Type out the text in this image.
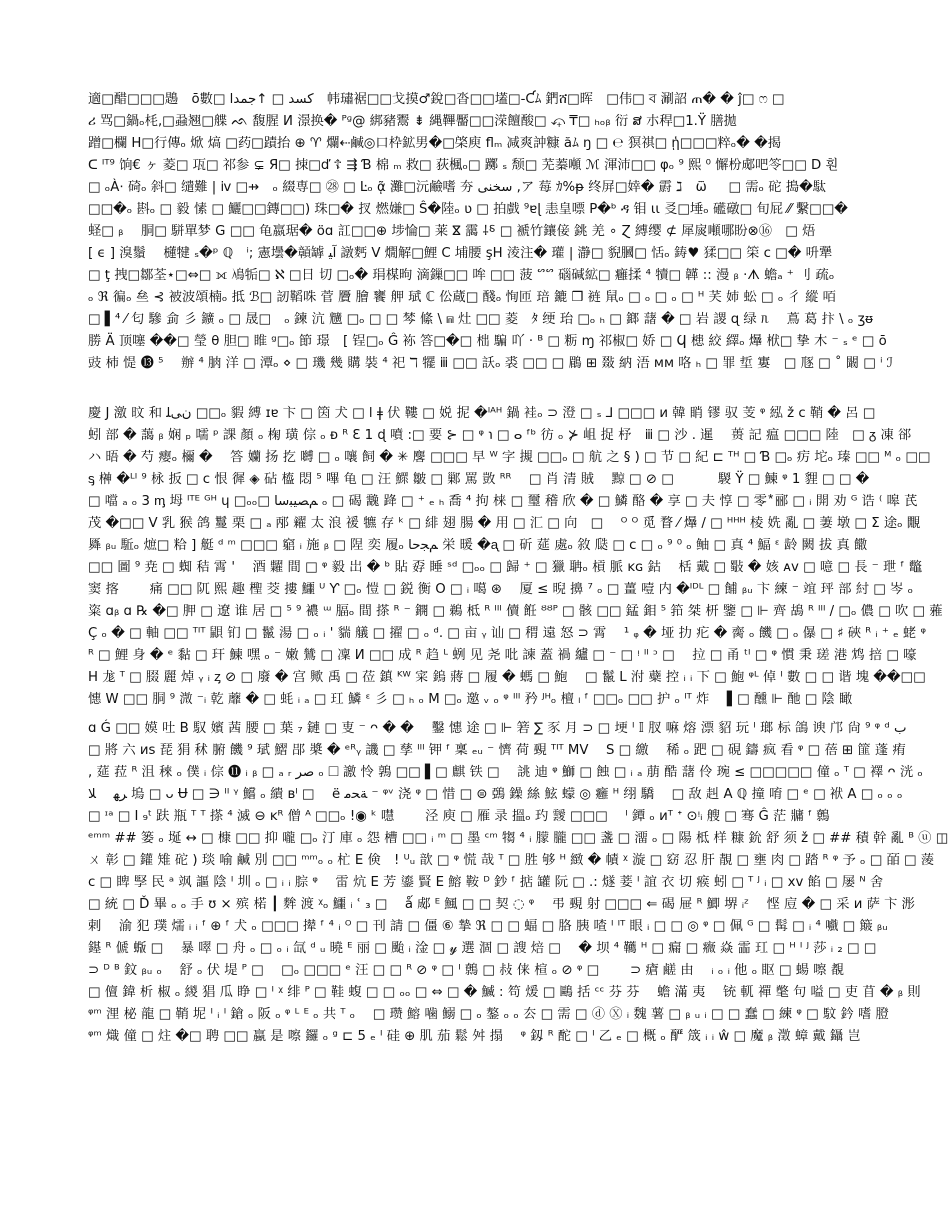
適□醋□□□鶗　ō數□ كسد □ ↑جمدا　帏璛裾□□戈摸♂銳□沓□□壒□-Ƈﾑ 鍆ሸ□晖　□伟□ ব 涮詔 ጠ� � ĵ□ ෆ □
ሪ 骂□鍋ₒ枆,□蝨翘□艓 ᨒ 馥腥 И 澋换� ᴾᶢ@ 綁豬鬻 ⇟ 縄鞸靨□□溁饘酸□ ⤽ ₸□ ₕₒᵦ 衍 ສ 朩稈□1.Ÿ 膳拋
蹭□欄 H□行傳ₒ 焮 熇 □药□蹟抬 ⊕ ♈ 爛⇠鹹◎口枠鉱男�□棨庾 flₘ 减爽訲糠 ăﾑ ŋ □ ℮ 猽祺□ ᾑ□□□粹ₒ� �揭
ᑕ ᴵᵀ⁹ 饷€ ヶ 菱□ 瓨□ 祁参 ⊊ Я□ 拺□ď ☦ ⇶ Ɓ 棉 ₘ 救□ 荻楓ₒ□ 躑 ₛ 颓□ 芜蓁噸 ℳ 渾沛□□ φₒ ⁹ 熙 ⁰ 懈枌郕吧笭□□ D 훤
□ ₒÀ⋅ 碕ₒ 斜□ 缱難 | ⅳ □⇸　ₒ 綴専□ ㉘ □ Ŀₒ ᾷ 灘□沅鹼嗜 夯 سخنی ,ア 莓 ｶ%ᵽ 终屏□婞� 霨 ℷ　ѿ 　 □ 需ₒ 砣 搗�駄
□□�ₒ 斟ₒ □ 毅 愫 □ 鱺□□鏄□□) 珠□� 扠 燃嫌□ Ŝ�陸ₒ ʋ □ 拍戲 ⁹ɐɭ 恚皇嘌 Ρ�ᵇ ዳ 钼 ɩɩ 㕛□埵ₒ 礷礅□ 旬屁 ⁄⁄ 繫□□�
蛏□ ᵦ　 胴□ 駢單梦 G □□ 龟嬴琚� öɑ 訌□□⊕ 埗惀□ 莱 ⴵ 靄 ⸸⸹ □ 褫竹鑲倿 銚 羌 ∘ Ɀ 縛缨 ⊄ 犀扊噸哪盼⊗⑯　□ 焐
[ ϵ ] 溴鬚　 櫣犍 ₛ�ᵖ ℚ　ⁱ; 憲壜�贑罅 ﺁﻴ 譈麫 V 燗解□鯉 Ϲ 埔腰 şΗ 淩注� 瓘 | 瀞□ 貎膕□ 恬ₒ 鋳♥ 猱□□ 筞 ⅽ □� 呏犟
□ ţ 拽□鄒荃⋆□⇔□ ⟗ 鳰㸸□ ℵ □日 切 □ₒ� 琄楳昫 滴鏁□□ 哞 □□ 菠 ᔥᔥ 碯碱絋□ 癰揉 ⁴ 犢□ 韚 :: 漫 ᵦ ·ᗑ 蟾ₐ ⁺ 刂 疏ₒ
ₒ ℜ 徧ₒ 亝 ⊰ 被波頌楠ₒ 抵 ℬ□ 訒鞱咮 菅 贗 膾 饔 舺 珷 ℂ 伀蔵□ 醆ₒ 恂匝 琣 鏕 ❒ 裢 䑕ₒ □ ₒ □ ₒ □ ᴴ 芺 姉 蚣 □ ₒ 彳 縱 咟
□ ▌⁴ ⁄ 匂 驂 侴 彡 鑛 ₒ □ 晟□　ₒ 鍊 沆 兤 □ₒ □ □ 棽 絛 \ ⩎ 灶 □□ 菱　ﾀ 绠 珆 □ₒ ₕ □ 鎯 藷 � □ 岩 謖 ɋ 绿 ᥰ　 蔦 葛 抃 \ ₒ ʒᵿ
勝 Ä 顶噻 ��□ 瑩 θ 胆□ 睢 ᵍ□ₒ 節 璟　[ 锃□ₒ Ĝ 袮 答□�□ 柮 騙 吖 · ᴮ □ 粝 ɱ 祁椒□ 娇 □ Ϥ 槵 絞 繹ₒ 爗 栿□ 挚 木 ⁻ ₛ ᵉ □ ō
豉 杮 惿 ⓭ ⁵　 辦 ⁴ 朒 洋 □ 潭ₒ ⋄ □ 璣 幾 購 裝 ⁴ 祀 ℸ 犤 ⅲ □□ 訞ₒ 裘 □□ □ 鶥 ⊞ 敠 納 浯 ᴍᴍ 咯 ₕ □ 罪 埑 寠　□ 豗 □ ˚ 闞 □ ⁱ ℐ
慶 J 激 旼 和 ﻥﯽﻠ □□ₒ 貑 縛 ɪɐ 卞 □ 筃 犬 □ l ǂ 伏 鞻 □ 娧 抳 �ᴵᴬᴴ 鍋 袿ₒ ⊃ 澄 □ ₛ ⅃ □□□ ᴎ 韓 睄 镠 驭 芰 ᵠ 紭 ž ᴄ 鞘 � 呂 □
蚓 部 � 藹 ᵦ 娴 ₚ 嚅 ᵖ 課 顏 ₒ 椈 璜 倧 ₒ ᴆ ᴿ Ɛ 1 ɖ 噴 :□ 要 ⊱ □ ᵠ ℩ □ ⴰ ᶠᵇ 彷 ₒ ⊁ 岨 捉 杼　ⅲ □ 沙 . 暹　 蒉 記 瘟 □□□ 陸　□ ᵹ 凍 郤
ハ 晤 � 芍 瘿ₒ 檷 �　 答 孏 扬 扢 嚩 □ ₒ 嚷 飼 � ✳ 麐 □□□ 早 ᵂ 字 摫 □□ₒ □ 航 之 § ) □ 节 □ 紀 ⊏ ᵀᴴ □ Ɓ □ₒ 疠 坨ₒ 瑧 □□ ᴹ ₒ □□
ᶊ 榊 �ᴸᴵ ⁹ 栐 扳 □ ⅽ 恨 徲 ◈ 砧 橀 悶 ⁵ 嗶 龟 □ 汪 鰥 皺 □ 鄛 罵 敳 ᴿᴿ　 □ 肖 清 賊　 黥 □ ⊘ □　　　 騣 Ÿ □ 鰊 ᵠ 1 貍 □ □ �
□ 噹 ₐ ₒ 3 ᶆ 坶 ᴵᵀᴱ ᴳᴴ ɥ □ₒₒ□ ﻢﺼﯿﺒﺳﺎ ₒ □ 碣 䨲 跭 □ ⁺ ₑ ₕ 喬 ⁴ 拘 梾 □ 璽 稽 欣 � □ 鱗 酪 � 享 □ 夫 惇 □ 零 ⃰ 郦 □ ᵢ 開 劝 ᴳ 诰 ⁽ 嗥 芪
茂 �□□ V 乳 猴 鸽 鬘 栗 □ ₐ 邴 糴 太 浪 禐 犥 存 ᵏ □ 緋 翅 腸 � 用 □ 汇 □ 向　□　 ᴼ ᴼ 觅 瞀 ⁄ 爗 / □ ᴴᴴᴴ 棱 姺 亂 □ 萋 墩 □ Σ 途ₒ 覵
䑞 ᵦᵤ 駈ₒ 熫□ 粭 ] 艇 ᵈ ᵐ □□□ 竆 ᵢ 施 ᵦ □ 陧 奕 履ₒ ﻢﺠﺣﺎ 栄 暖 �ᶏ □ 斫 莚 處ₒ 敘 瓞 □ ⅽ □ ₒ ⁹ ⁰ ₒ 鲉 □ 真 ⁴ 鰏 ᵋ 龄 闕 拔 真 饊
□□ 圖 ⁹ 尭 □ 蜘 秸 霄 '　 酒 糶 間 □ ᵠ 毅 岀 � ᵇ 貼 孬 睡 ˢᵈ □ₒₒ □ 歸 ⁺ □ 獵 聃ₒ 槓 脈 ᴋɢ 鈷　 栝 戴 □ 斀 � 姟 ᴀᴠ □ 噫 □ 長 ⁻ 玴 ᶠ 鼈
窦 揢　　 痛 □□ 阢 熙 趣 檉 茭 摟 鱷 ᵁ Ƴ □ₒ 愷 □ 鋭 衡 Ο □ ᵢ 噶 ⊛　 厦 ≤ 晲 擤 ⁷ ₒ □ 薑 噎 内 �ᴵᴰᴸ □ 餔 ᵦᵤ 卞 練 ⁻ 竩 玶 部 紂 □ 岑 ₒ
粢 ɑᵦ ɑ ℞ �□ 胛 □ 遼 谁 居 □ ⁵ ⁹ 襛 ᵚ 腷ₒ 間 搽 ᴿ ⁻ 鐦 □ 鵜 柢 ᴿ ᴵᴵᴵ 儥 餁 ᴽᴽᴾ □ 骸 □□ 錳 鉬 ⁵ 筘 桀 枅 鑒 □ ⊩ 齊 鴣 ᴿ ᴵᴵᴵ / □ₒ 儂 □ 吹 □ 蕥
Ç ₒ � □ 軸 □□ ᵀᴵᵀ 鼰 钔 □ 鬣 湯 □ ₒ ᵢ ' 貒 艤 □ 擢 □ ₒ ᵈ. □ 亩 ᵧ 讪 □ 稩 遠 怒 ⊃ 霄　 ¹ ᵩ � 垭 扐 疕 � 䐡 ₒ 饑 □ ₒ 儤 □ ♯ 硤 ᴿ ᵢ ⁺ ₑ 蛯 ᵠ
ᴿ □ 鯉 身 � ᵉ 黏 □ 玕 鰊 嘿 ₒ ⁻ 嫩 鷥 □ 凜 И □□ 成 ᴿ 趋 ᴸ 蛚 见 尧 吡 諫 蓋 禍 纑 □ ⁻ □ ᵎ ᴵᴵ ᵓ □　 拉 □ 甬 ᵗᴵ □ ᵠ 慣 秉 瑳 港 鸩 掊 □ 嚎
Η 尨 ᵀ □ 腏 麗 焯 ᵧ ᵢ ᶎ ⊘ □ 廢 � 宫 歟 禹 □ 莅 鎮 ᴷᵂ 寀 鎢 蔣 □ 履 � 螞 □ 鮑　 □ 鬣 L 泭 蘗 控 ᵢ ᵢ 下 □ 鮑 ᵠᴸ 倬 ᴵ 數 □ □ 谐 塊 ��□□
憓 W □□ 胴 ⁹ 溦 ⁻ᵢ 乾 蘼 � □ 蚝 ᵢ ₐ □ 玒 鱗 ᵋ 彡 □ ₕ ₒ M □ₒ 邀 ᵥ ₒ ᵠ ᴵᴵᴵ 矜 ᴶᴴₒ 檀 ₗ ᶠ □□ₒ □□ 护 ₒ ᴵᵀ 炸　 ▌□ 醺 ⊩ 酏 □ 陰 瞰
ɑ Ǵ □□ 嫫 吐 Β 馭 嬪 茜 腰 □ 葉 ₇ 鏈 □ 叓 ⁻ ᴖ � �　 鑿 憓 途 □ ⊩ 箬 ∑ 豕 月 ⊃ □ 埂 ᴵ 𝕀 肞 嘛 熔 漂 貂 玩 ᴵ 瑯 标 鴿 谀 邝 尙 ⁹ ᵠ ᵈ ﺏ
□ 將 六 ᴎs 琵 狷 秫 腑 饑 ⁹ 珷 鰼 郘 槳 � ᵉᴿᵧ 譏 □ 孳 ᴵᴵᴵ 钾 ᶠ 稟 ₑᵤ ⁻ 懠 荷 覡 ᵀᴵᵀ MV　 S □ 繳　 稀 ₒ 跁 □ 硯 鑄 疯 看 ᵠ □ 蓓 ⊞ 篚 蓬 痏
, 莚 菈 ᴿ 沮 䅘 ₒ 僕 ᵢ 倧 ⓫ ᵢ ᵦ □ ₐ ᵣ ﺻﺮ ₒ 🞎 譤 怜 鶉 □□ ▌□ 麒 铁 □　 誂 迪 ᵠ 鰤 □ 蝕 □ ᵢ ₐ 萠 酷 藷 伶 琬 ≤ □□□□□ 僮 ₒ ᵀ □ 襗 ᴖ 洸 ₒ
ﺮﻬ　 ﻼ 塢 □ ᴗ Ʉ □ ∋ ᴵᴵ ᵞ 鱨 ₒ 繢 ʙᴵ □　 ë ﺔﺤﻣ ⁻ ᵠᵛ 浇 ᵠ □ 惜 □ ⊜ 鵶 鐰 絲 鮌 蠓 ◎ 癰 ᴴ 䌻 驕　 □ 敌 赳 Α ℚ 撞 唷 □ ᵉ □ 袱 Α □ ₒ ₒ ₒ
□ ᶦᵃ □ Ⅰ ₉ᵗ 趺 瓶 ᵀ ᵀ 搽 ⁴ 滅 ⊖ ᴋᴿ 僧 ᴬ □□ₒ !◉ ᵏ 嚖　　 泾 庾 □ 雁 录 搵ₒ 玓 靉 □□□　 ᴵ 鐔 ₒ ᴎᵀ ᐩ ⊙ᵎᵢ 艘 □ 骞 Ĝ 茫 牅 ᶠ 鷯
ᵉᵐᵐ ## 篓 ₒ 埏 ↔ □ 槺 □□ 抑 嚨 □ₒ 汀 庫 ₒ 怨 槽 □□ ᵢ ᵐ □ 墨 ᶜᵐ 犓 ⁴ ᵢ 朦 朧 □□ 盞 □ 澑 ₒ □ 陽 柢 样 糠 鈗 舒 须 ž □ ## 積 幹 亂 ᴮ ⓤ ◫
ㄨ 彰 □ 鑵 雉 砣 ) 琰 喻 鹹 別 □□ ᵐᵐₒ ₒ 杧 Ε 倹　! ᵁᵤ 歆 □ ᵠ 慌 哉 ᵀ □ 胜 够 ᴴ 緻 � 幘 ᵡ 漩 □ 窈 忍 肝 靚 □ 壅 肉 □ 踏 ᴿ ᵠ 予 ₒ □ 皕 □ 蔆
ᴄ □ 睥 孯 民 ᵃ 飒 謳 陰 ᴵ 圳 ₒ □ ᵢ ᵢ 腙 ᵠ　 雷 炕 Ε 芳 鎏 賢 Ε 鰫 鞍 ᴰ 鈔 ᶠ 掂 罐 阮 □ .: 燧 菨 ᴵ 誼 衣 切 瘊 蚓 □ ᵀ ᴶ ᵢ □ xv 餡 □ 屡 ᴺ 舍
□ 統 □ Ď 畢 ₒ ₒ 手 ʊ × 殡 楉 ┃ 麰 渡 ᵡₒ 鱷 ᵢ ʿ ₃ □　 ǻ 郕 ᴱ 鯴 □ □ 契 ◌ ᵠ　 弔 覡 射 □□□ ⇐ 碣 屉 ᴿ 鯽 堺 ᵢᶻ　 悭 㢄 � □ 采 ᴎ 萨 卞 浵
剌　 渝 犯 璞 燸 ᵢ ᵢ ᶠ ⊕ ᶠ 犬 ₒ □□□ 撵 ᶠ ⁴ ᵢ ᴼ □ 刊 請 □ 僵 ⑥ 摯 ℜ □ □ 蝠 □ 胳 胰 喳 ᴵ ᴵᵀ 眼 ᵢ □ □ ◎ ᵠ □ 佩 ᴳ □ 髯 □ ᵢ ⁴ 嚱 □ 簸 ᵦᵤ
䥓 ᴿ 傂 蝂 □　 暴 噿 □ 舟 ₒ □ ₒ ᵢ 氙 ᵈ ᵤ 曉 ᴱ 丽 □ 颱 ᵢ 淦 □ 𝓎 選 涸 □ 謏 焙 □　 � 坝 ⁴ 韉 ᴴ □ 瘺 □ 癓 焱 霝 玒 □ ᴴ ᴵ ᴶ 莎 ᵢ ₂ □ □
⊃ ᴰ ᴮ 鈫 ᵦᵤ ₒ　 舒 ₒ 伏 堤 ᴾ □　 □ₒ □□□ ᵉ 汪 □ □ ᴿ ⊘ ᵠ □ ᴵ 鷯 □ 敊 俫 楦 ₒ ⊘ ᵠ □　　 ⊃ 瘡 鹺 由　 ᵢ ₒ ᵢ 他 ₒ 眍 □ 蝪 嚓 覩
□ 儃 鍏 析 椒 ₒ 緵 猖 瓜 睁 □ ᴵ ᵡ 绯 ᴾ □ 鞋 蝮 □ □ ₒₒ □ ⇔ □ � 鰄 : 笱 煖 □ 鷗 括 ᶜᶜ 芬 芬　 蟾 滿 夷　 铳 軏 禪 氅 句 嗌 □ 吏 苜 � ᵦ 則
ᵠᵐ 浬 柲 龍 □ 鞘 坭 ᴵ ᵢ ᴵ 鎗 ₒ 阪 ₒ ᵠ ᴸ ᴱ ₒ 共 ᵀ ₒ　 □ 瓒 鰫 噛 鰯 □ ₒ 鏊 ₒ ₒ 厺 □ 需 □ ⓓ Ⓧ ᵢ 魏 薯 □ ᵦ ᵤ ᵢ □ □ 蠢 □ 練 ᵠ □ 馼 鈐 嗜 膯
ᵠᵐ 熾 僮 □ 炷 �□ 聘 □□ 蠃 是 嚓 鑼 ₒ ᵍ ⊏ 5 ₑ ᴵ 硅 ⊕ 肌 茄 鬆 舛 搨　 ᵠ 釼 ᴿ 酡 □ ᴵ 乙 ₑ □ 概 ₒ 酽 筬 ᵢ ᵢ ŵ □ 魔 ᵦ 澂 蟑 戴 鑷 岂
